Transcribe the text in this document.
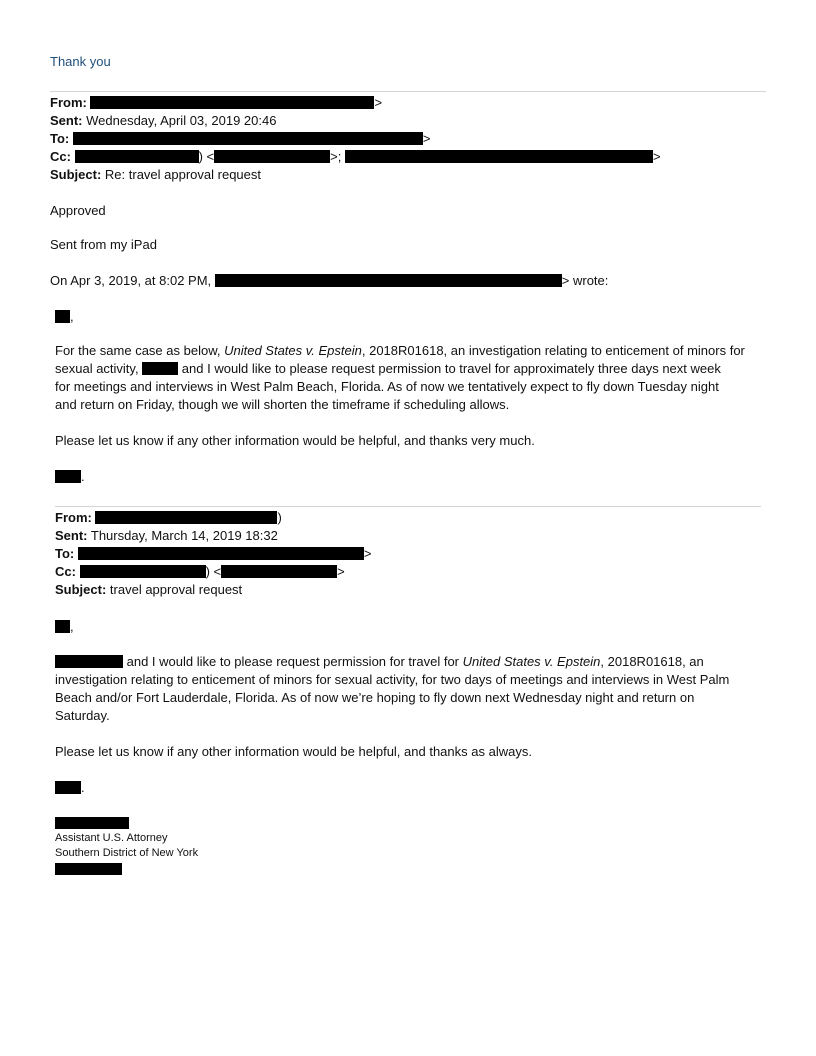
Thank you
From:	>
Sent: Wednesday, April 03, 2019 20:46
To:	>
Cc:	) <	>;	>
Subject: Re: travel approval request
Approved
Sent from my iPad
On Apr 3, 2019, at 8:02 PM,	> wrote:
,
For the same case as below, United States v. Epstein, 2018R01618, an investigation relating to enticement of minors for
sexual activity,	and I would like to please request permission to travel for approximately three days next week
for meetings and interviews in West Palm Beach, Florida. As of now we tentatively expect to fly down Tuesday night
and return on Friday, though we will shorten the timeframe if scheduling allows.
Please let us know if any other information would be helpful, and thanks very much.
.
From:	)
Sent: Thursday, March 14, 2019 18:32
To:	>
Cc:	) <	>
Subject: travel approval request
,
and I would like to please request permission for travel for United States v. Epstein, 2018R01618, an
investigation relating to enticement of minors for sexual activity, for two days of meetings and interviews in West Palm
Beach and/or Fort Lauderdale, Florida. As of now we’re hoping to fly down next Wednesday night and return on
Saturday.
Please let us know if any other information would be helpful, and thanks as always.
.
Assistant U.S. Attorney
Southern District of New York
